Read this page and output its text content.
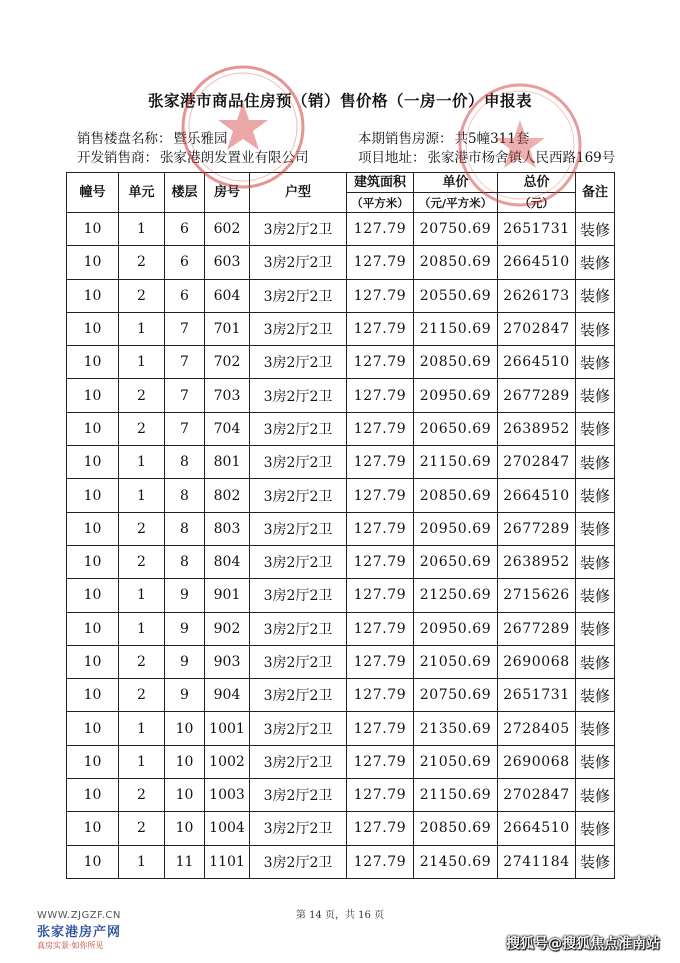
张家港市商品住房预（销）售价格（一房一价）申报表
销售楼盘名称： 暨乐雅园	本期销售房源： 共5幢311套
开发销售商： 张家港朗发置业有限公司	项目地址： 张家港市杨舍镇人民西路169号
幢号	单元	楼层	房号	户型	建筑面积	单价	总价	备注
					（平方米）	（元/平方米）	（元）	
10	1	6	602	3房2厅2卫	127.79	20750.69	2651731	装修
10	2	6	603	3房2厅2卫	127.79	20850.69	2664510	装修
10	2	6	604	3房2厅2卫	127.79	20550.69	2626173	装修
10	1	7	701	3房2厅2卫	127.79	21150.69	2702847	装修
10	1	7	702	3房2厅2卫	127.79	20850.69	2664510	装修
10	2	7	703	3房2厅2卫	127.79	20950.69	2677289	装修
10	2	7	704	3房2厅2卫	127.79	20650.69	2638952	装修
10	1	8	801	3房2厅2卫	127.79	21150.69	2702847	装修
10	1	8	802	3房2厅2卫	127.79	20850.69	2664510	装修
10	2	8	803	3房2厅2卫	127.79	20950.69	2677289	装修
10	2	8	804	3房2厅2卫	127.79	20650.69	2638952	装修
10	1	9	901	3房2厅2卫	127.79	21250.69	2715626	装修
10	1	9	902	3房2厅2卫	127.79	20950.69	2677289	装修
10	2	9	903	3房2厅2卫	127.79	21050.69	2690068	装修
10	2	9	904	3房2厅2卫	127.79	20750.69	2651731	装修
10	1	10	1001	3房2厅2卫	127.79	21350.69	2728405	装修
10	1	10	1002	3房2厅2卫	127.79	21050.69	2690068	装修
10	2	10	1003	3房2厅2卫	127.79	21150.69	2702847	装修
10	2	10	1004	3房2厅2卫	127.79	20850.69	2664510	装修
10	1	11	1101	3房2厅2卫	127.79	21450.69	2741184	装修
第 14 页，共 16 页
WWW.ZJGZF.CN
张家港房产网
真房实景·如你所见	搜狐号@搜狐焦点淮南站
